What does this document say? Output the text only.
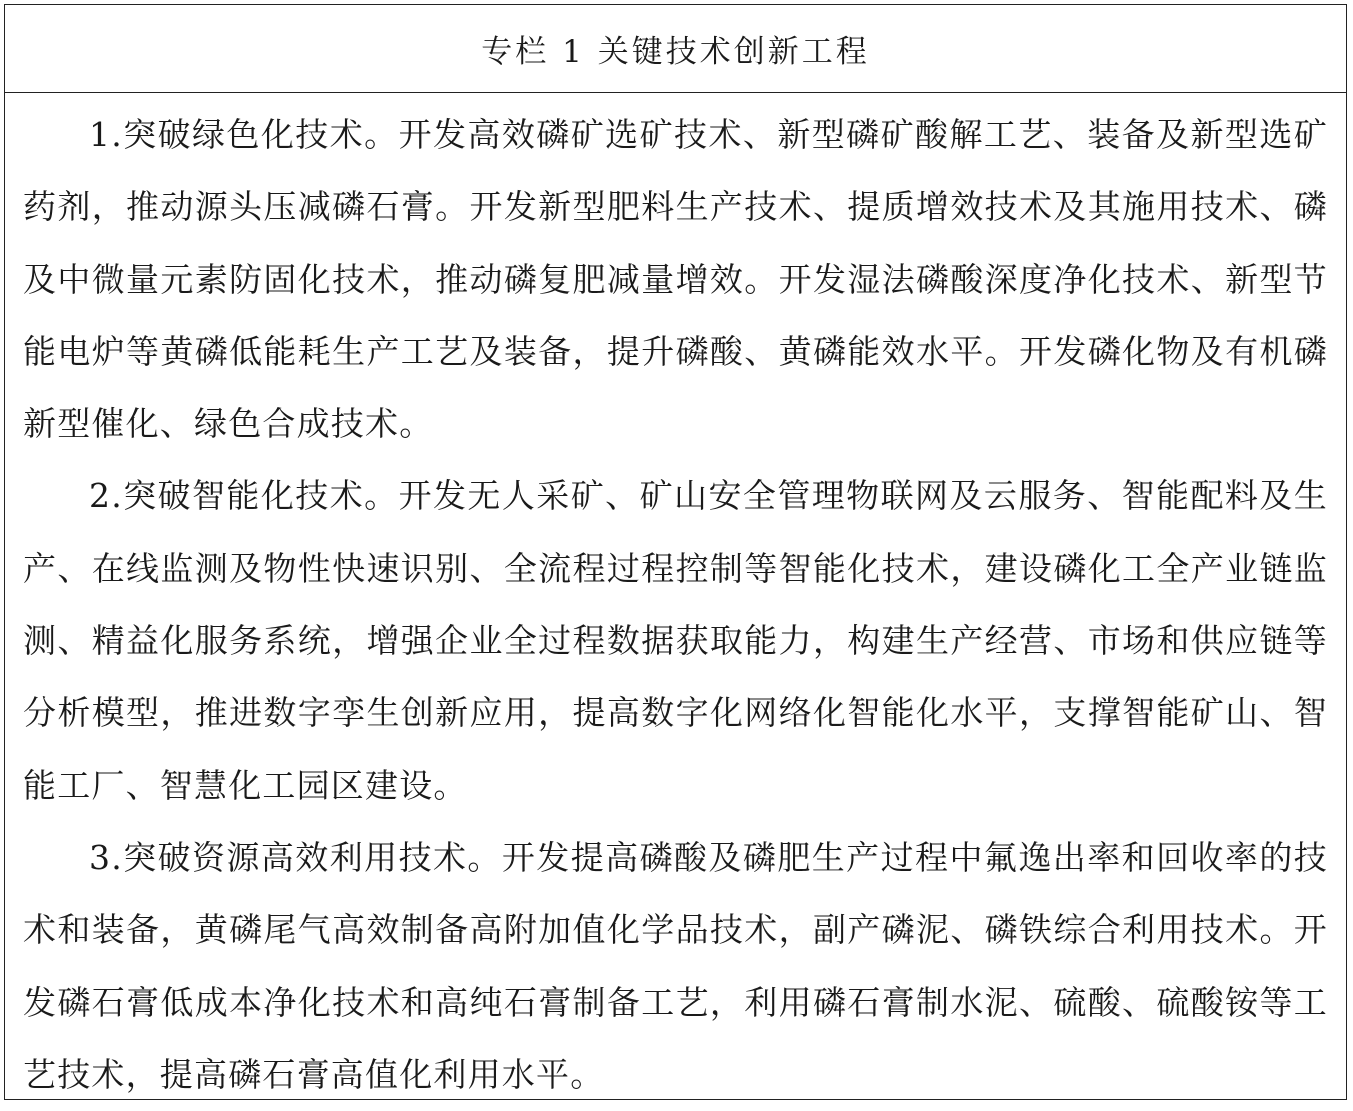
专栏 1 关键技术创新工程

1.突破绿色化技术。开发高效磷矿选矿技术、新型磷矿酸解工艺、装备及新型选矿药剂，推动源头压减磷石膏。开发新型肥料生产技术、提质增效技术及其施用技术、磷及中微量元素防固化技术，推动磷复肥减量增效。开发湿法磷酸深度净化技术、新型节能电炉等黄磷低能耗生产工艺及装备，提升磷酸、黄磷能效水平。开发磷化物及有机磷新型催化、绿色合成技术。

2.突破智能化技术。开发无人采矿、矿山安全管理物联网及云服务、智能配料及生产、在线监测及物性快速识别、全流程过程控制等智能化技术，建设磷化工全产业链监测、精益化服务系统，增强企业全过程数据获取能力，构建生产经营、市场和供应链等分析模型，推进数字孪生创新应用，提高数字化网络化智能化水平，支撑智能矿山、智能工厂、智慧化工园区建设。

3.突破资源高效利用技术。开发提高磷酸及磷肥生产过程中氟逸出率和回收率的技术和装备，黄磷尾气高效制备高附加值化学品技术，副产磷泥、磷铁综合利用技术。开发磷石膏低成本净化技术和高纯石膏制备工艺，利用磷石膏制水泥、硫酸、硫酸铵等工艺技术，提高磷石膏高值化利用水平。
